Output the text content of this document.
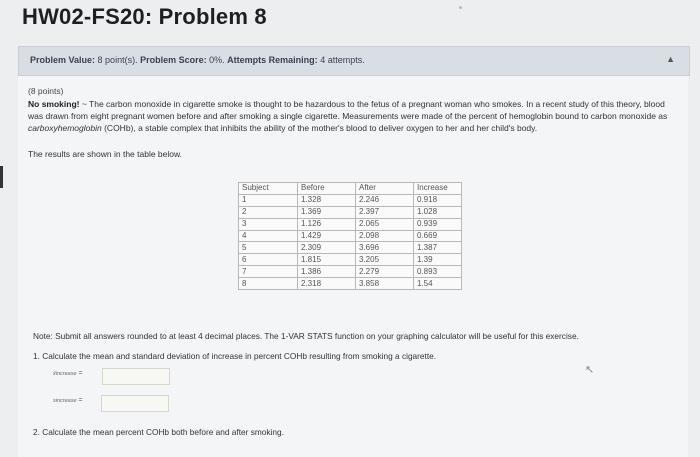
HW02-FS20: Problem 8
Problem Value: 8 point(s). Problem Score: 0%. Attempts Remaining: 4 attempts.	▲
(8 points)
No smoking! ~ The carbon monoxide in cigarette smoke is thought to be hazardous to the fetus of a pregnant woman who smokes. In a recent study of this theory, blood was drawn from eight pregnant women before and after smoking a single cigarette. Measurements were made of the percent of hemoglobin bound to carbon monoxide as carboxyhemoglobin (COHb), a stable complex that inhibits the ability of the mother's blood to deliver oxygen to her and her child's body.
The results are shown in the table below.
Subject	Before	After	Increase
1	1.328	2.246	0.918
2	1.369	2.397	1.028
3	1.126	2.065	0.939
4	1.429	2.098	0.669
5	2.309	3.696	1.387
6	1.815	3.205	1.39
7	1.386	2.279	0.893
8	2.318	3.858	1.54
Note: Submit all answers rounded to at least 4 decimal places. The 1-VAR STATS function on your graphing calculator will be useful for this exercise.
1. Calculate the mean and standard deviation of increase in percent COHb resulting from smoking a cigarette.
x̄increase =
sincrease =
↖
2. Calculate the mean percent COHb both before and after smoking.
